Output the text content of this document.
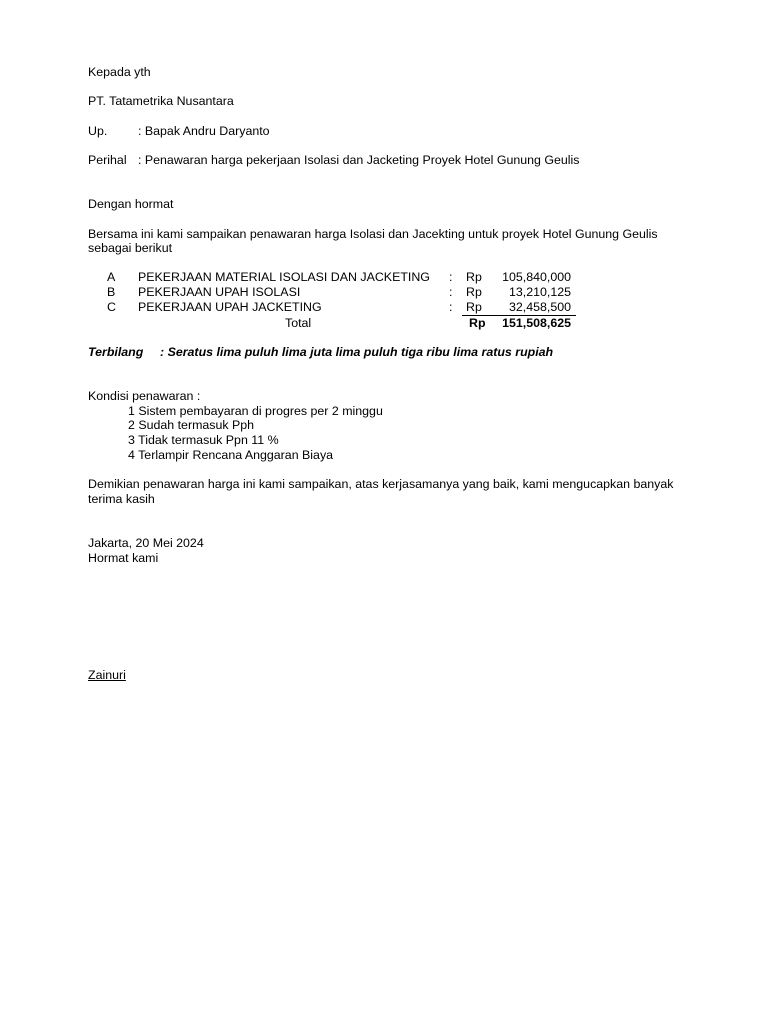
Kepada yth
PT. Tatametrika Nusantara
Up. : Bapak Andru Daryanto
Perihal : Penawaran harga pekerjaan Isolasi dan Jacketing Proyek Hotel Gunung Geulis
Dengan hormat
Bersama ini kami sampaikan penawaran harga Isolasi dan Jacekting untuk proyek Hotel Gunung Geulis
sebagai berikut
A PEKERJAAN MATERIAL ISOLASI DAN JACKETING : Rp	105,840,000
B PEKERJAAN UPAH ISOLASI	: Rp	13,210,125
C PEKERJAAN UPAH JACKETING	: Rp	32,458,500
Total	Rp	151,508,625
Terbilang : Seratus lima puluh lima juta lima puluh tiga ribu lima ratus rupiah
Kondisi penawaran :
1 Sistem pembayaran di progres per 2 minggu
2 Sudah termasuk Pph
3 Tidak termasuk Ppn 11 %
4 Terlampir Rencana Anggaran Biaya
Demikian penawaran harga ini kami sampaikan, atas kerjasamanya yang baik, kami mengucapkan banyak
terima kasih
Jakarta, 20 Mei 2024
Hormat kami
Zainuri
